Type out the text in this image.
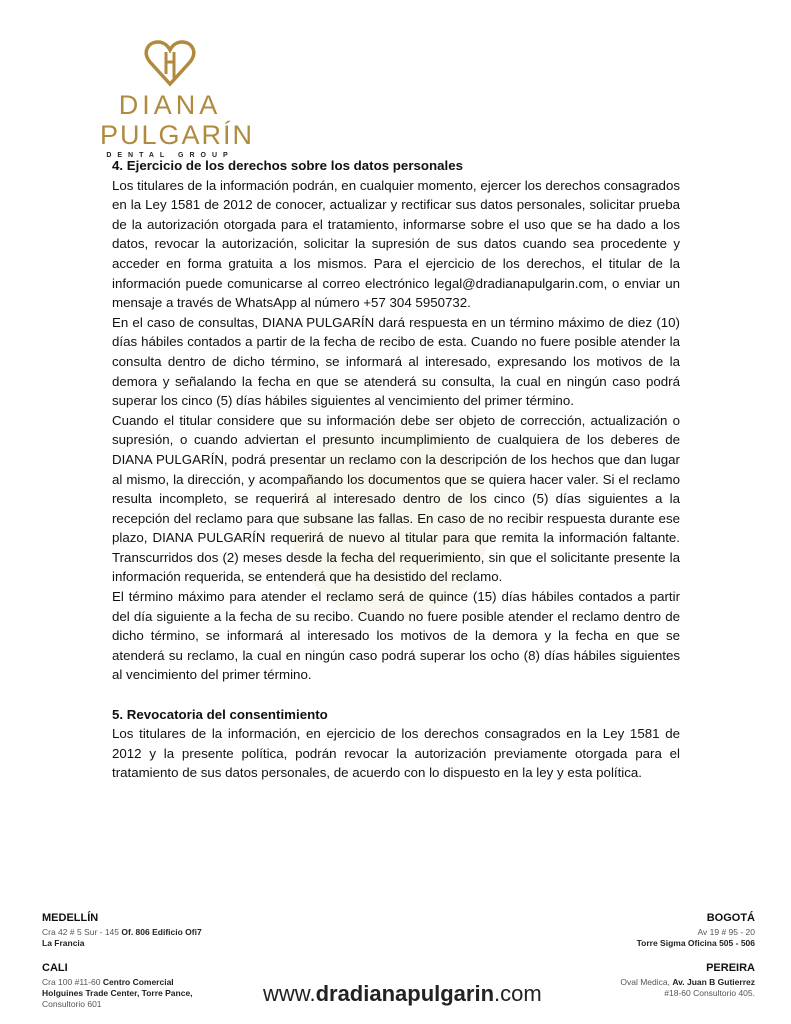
DIANA
PULGARÍN
DENTAL GROUP
4. Ejercicio de los derechos sobre los datos personales

Los titulares de la información podrán, en cualquier momento, ejercer los derechos consagrados en la Ley 1581 de 2012 de conocer, actualizar y rectificar sus datos personales, solicitar prueba de la autorización otorgada para el tratamiento, informarse sobre el uso que se ha dado a los datos, revocar la autorización, solicitar la supresión de sus datos cuando sea procedente y acceder en forma gratuita a los mismos. Para el ejercicio de los derechos, el titular de la información puede comunicarse al correo electrónico legal@dradianapulgarin.com, o enviar un mensaje a través de WhatsApp al número +57 304 5950732.

En el caso de consultas, DIANA PULGARÍN dará respuesta en un término máximo de diez (10) días hábiles contados a partir de la fecha de recibo de esta. Cuando no fuere posible atender la consulta dentro de dicho término, se informará al interesado, expresando los motivos de la demora y señalando la fecha en que se atenderá su consulta, la cual en ningún caso podrá superar los cinco (5) días hábiles siguientes al vencimiento del primer término.

Cuando el titular considere que su información debe ser objeto de corrección, actualización o supresión, o cuando adviertan el presunto incumplimiento de cualquiera de los deberes de DIANA PULGARÍN, podrá presentar un reclamo con la descripción de los hechos que dan lugar al mismo, la dirección, y acompañando los documentos que se quiera hacer valer. Si el reclamo resulta incompleto, se requerirá al interesado dentro de los cinco (5) días siguientes a la recepción del reclamo para que subsane las fallas. En caso de no recibir respuesta durante ese plazo, DIANA PULGARÍN requerirá de nuevo al titular para que remita la información faltante. Transcurridos dos (2) meses desde la fecha del requerimiento, sin que el solicitante presente la información requerida, se entenderá que ha desistido del reclamo.

El término máximo para atender el reclamo será de quince (15) días hábiles contados a partir del día siguiente a la fecha de su recibo. Cuando no fuere posible atender el reclamo dentro de dicho término, se informará al interesado los motivos de la demora y la fecha en que se atenderá su reclamo, la cual en ningún caso podrá superar los ocho (8) días hábiles siguientes al vencimiento del primer término.

5. Revocatoria del consentimiento

Los titulares de la información, en ejercicio de los derechos consagrados en la Ley 1581 de 2012 y la presente política, podrán revocar la autorización previamente otorgada para el tratamiento de sus datos personales, de acuerdo con lo dispuesto en la ley y esta política.

MEDELLÍN
Cra 42 # 5 Sur - 145 Of. 806 Edificio Ofi7
La Francia
CALI
Cra 100 #11-60 Centro Comercial
Holguines Trade Center, Torre Pance,
Consultorio 601
BOGOTÁ
Av 19 # 95 - 20
Torre Sigma Oficina 505 - 506
PEREIRA
Oval Medica, Av. Juan B Gutierrez
#18-60 Consultorio 405.
www.dradianapulgarin.com
